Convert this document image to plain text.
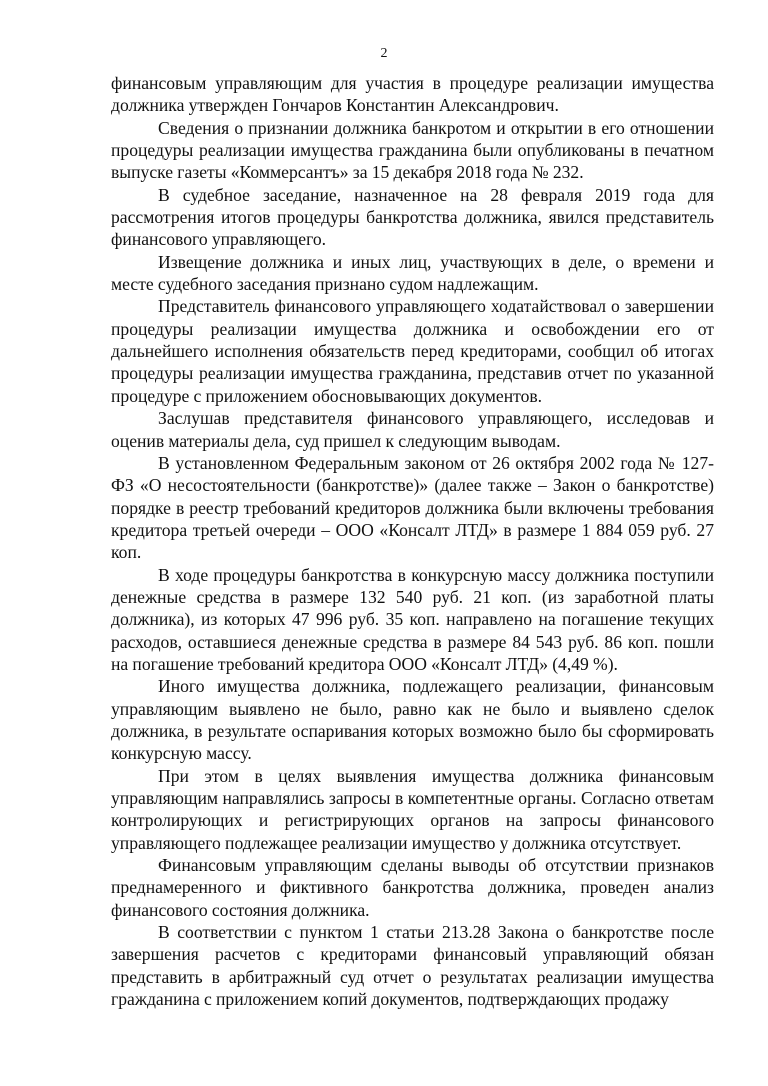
2

финансовым управляющим для участия в процедуре реализации имущества должника утвержден Гончаров Константин Александрович.

Сведения о признании должника банкротом и открытии в его отношении процедуры реализации имущества гражданина были опубликованы в печатном выпуске газеты «Коммерсантъ» за 15 декабря 2018 года № 232.

В судебное заседание, назначенное на 28 февраля 2019 года для рассмотрения итогов процедуры банкротства должника, явился представитель финансового управляющего.

Извещение должника и иных лиц, участвующих в деле, о времени и месте судебного заседания признано судом надлежащим.

Представитель финансового управляющего ходатайствовал о завершении процедуры реализации имущества должника и освобождении его от дальнейшего исполнения обязательств перед кредиторами, сообщил об итогах процедуры реализации имущества гражданина, представив отчет по указанной процедуре с приложением обосновывающих документов.

Заслушав представителя финансового управляющего, исследовав и оценив материалы дела, суд пришел к следующим выводам.

В установленном Федеральным законом от 26 октября 2002 года № 127-ФЗ «О несостоятельности (банкротстве)» (далее также – Закон о банкротстве) порядке в реестр требований кредиторов должника были включены требования кредитора третьей очереди – ООО «Консалт ЛТД» в размере 1 884 059 руб. 27 коп.

В ходе процедуры банкротства в конкурсную массу должника поступили денежные средства в размере 132 540 руб. 21 коп. (из заработной платы должника), из которых 47 996 руб. 35 коп. направлено на погашение текущих расходов, оставшиеся денежные средства в размере 84 543 руб. 86 коп. пошли на погашение требований кредитора ООО «Консалт ЛТД» (4,49 %).

Иного имущества должника, подлежащего реализации, финансовым управляющим выявлено не было, равно как не было и выявлено сделок должника, в результате оспаривания которых возможно было бы сформировать конкурсную массу.

При этом в целях выявления имущества должника финансовым управляющим направлялись запросы в компетентные органы. Согласно ответам контролирующих и регистрирующих органов на запросы финансового управляющего подлежащее реализации имущество у должника отсутствует.

Финансовым управляющим сделаны выводы об отсутствии признаков преднамеренного и фиктивного банкротства должника, проведен анализ финансового состояния должника.

В соответствии с пунктом 1 статьи 213.28 Закона о банкротстве после завершения расчетов с кредиторами финансовый управляющий обязан представить в арбитражный суд отчет о результатах реализации имущества гражданина с приложением копий документов, подтверждающих продажу
